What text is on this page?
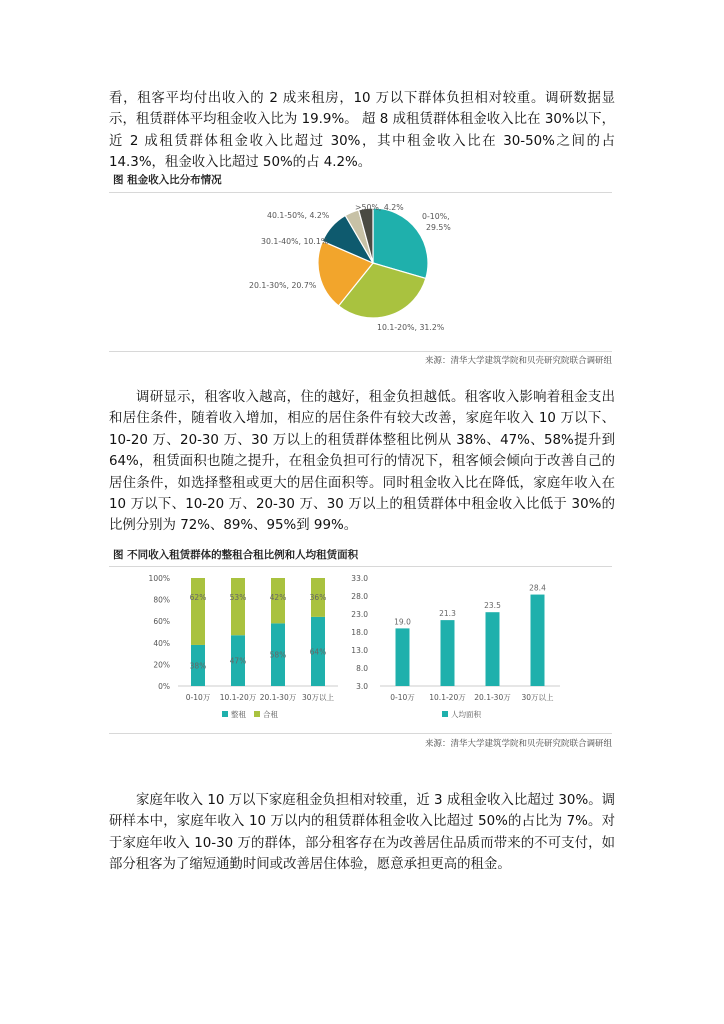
看，租客平均付出收入的 2 成来租房，10 万以下群体负担相对较重。调研数据显示，租赁群体平均租金收入比为 19.9%。 超 8 成租赁群体租金收入比在 30%以下，近 2 成租赁群体租金收入比超过 30%，其中租金收入比在 30-50%之间的占 14.3%，租金收入比超过 50%的占 4.2%。

图 租金收入比分布情况
0-10%, 29.5%
10.1-20%, 31.2%
20.1-30%, 20.7%
30.1-40%, 10.1%
40.1-50%, 4.2%
>50%, 4.2%
来源：清华大学建筑学院和贝壳研究院联合调研组

调研显示，租客收入越高，住的越好，租金负担越低。租客收入影响着租金支出和居住条件，随着收入增加，相应的居住条件有较大改善，家庭年收入 10 万以下、10-20 万、20-30 万、30 万以上的租赁群体整租比例从 38%、47%、58%提升到 64%，租赁面积也随之提升，在租金负担可行的情况下，租客倾会倾向于改善自己的居住条件，如选择整租或更大的居住面积等。同时租金收入比在降低，家庭年收入在 10 万以下、10-20 万、20-30 万、30 万以上的租赁群体中租金收入比低于 30%的比例分别为 72%、89%、95%到 99%。

图 不同收入租赁群体的整租合租比例和人均租赁面积
0%
20%
40%
60%
80%
100%
38%
62%
0-10万
47%
53%
10.1-20万
58%
42%
20.1-30万
64%
36%
30万以上
整租 合租
3.0
8.0
13.0
18.0
23.0
28.0
33.0
19.0
0-10万
21.3
10.1-20万
23.5
20.1-30万
28.4
30万以上
人均面积
来源：清华大学建筑学院和贝壳研究院联合调研组

家庭年收入 10 万以下家庭租金负担相对较重，近 3 成租金收入比超过 30%。调研样本中，家庭年收入 10 万以内的租赁群体租金收入比超过 50%的占比为 7%。对于家庭年收入 10-30 万的群体，部分租客存在为改善居住品质而带来的不可支付，如部分租客为了缩短通勤时间或改善居住体验，愿意承担更高的租金。
